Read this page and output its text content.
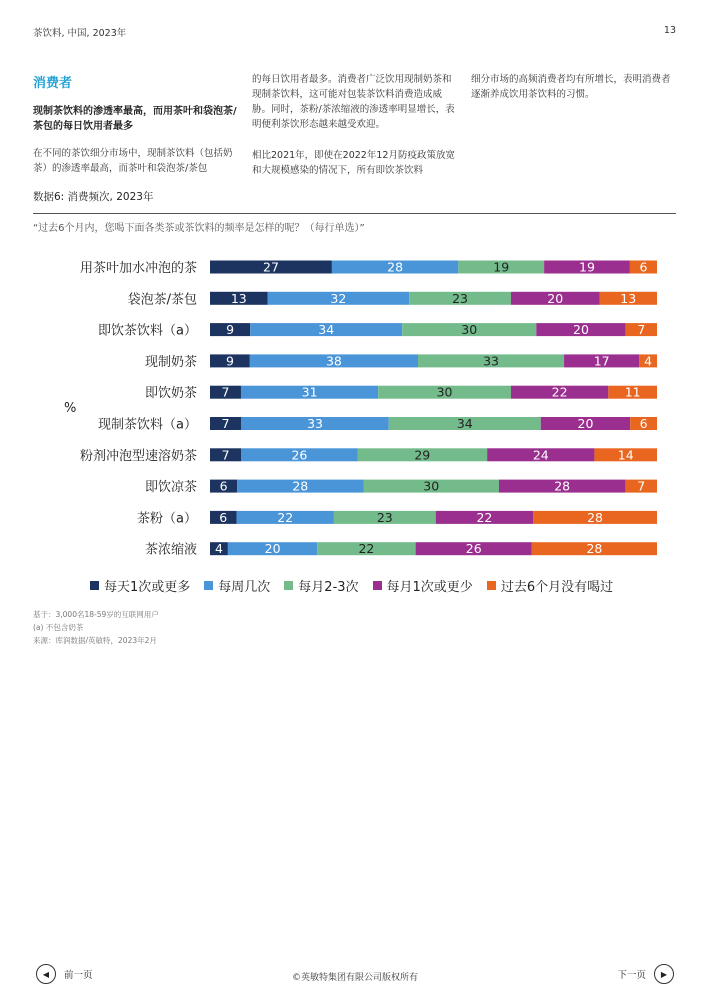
茶饮料, 中国, 2023年	13
消费者
现制茶饮料的渗透率最高，而用茶叶和袋泡茶/茶包的每日饮用者最多
在不同的茶饮细分市场中，现制茶饮料（包括奶茶）的渗透率最高，而茶叶和袋泡茶/茶包
的每日饮用者最多。消费者广泛饮用现制奶茶和现制茶饮料，这可能对包装茶饮料消费造成威胁。同时，茶粉/茶浓缩液的渗透率明显增长，表明便利茶饮形态越来越受欢迎。
相比2021年，即使在2022年12月防疫政策放宽和大规模感染的情况下，所有即饮茶饮料
细分市场的高频消费者均有所增长，表明消费者逐渐养成饮用茶饮料的习惯。
数据6: 消费频次, 2023年
“过去6个月内，您喝下面各类茶或茶饮料的频率是怎样的呢？（每行单选）”
%
用茶叶加水冲泡的茶	27	28	19	19	6
袋泡茶/茶包	13	32	23	20	13
即饮茶饮料（a） 9	34	30	20	7
现制奶茶 9	38	33	17	4
即饮奶茶 7	31	30	22	11
现制茶饮料（a） 7	33	34	20	6
粉剂冲泡型速溶奶茶 7	26	29	24	14
即饮凉茶 6	28	30	28	7
茶粉（a） 6	22	23	22	28
茶浓缩液 4	20	22	26	28
每天1次或更多 每周几次 每月2-3次 每月1次或更少 过去6个月没有喝过
基于：3,000名18-59岁的互联网用户
(a) 不包含奶茶
来源：库润数据/英敏特，2023年2月
◀	前一页	©英敏特集团有限公司版权所有	下一页	▶
